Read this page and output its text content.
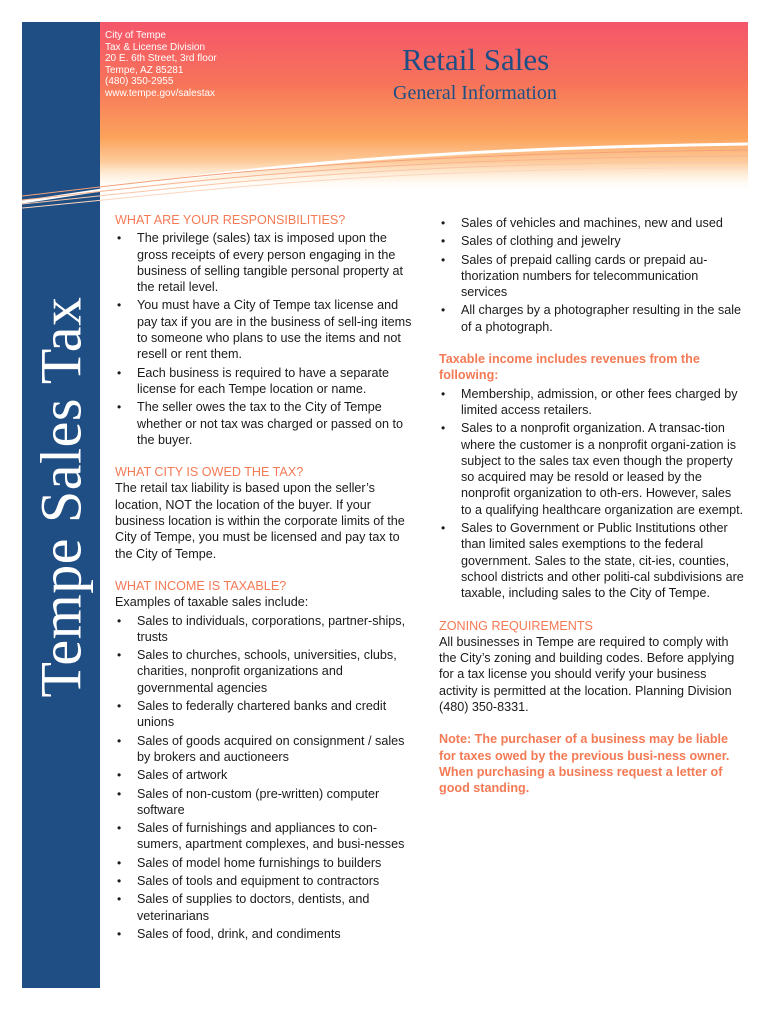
Tempe Sales Tax
City of Tempe
Tax & License Division
20 E. 6th Street, 3rd floor
Tempe, AZ 85281
(480) 350-2955
www.tempe.gov/salestax
Retail Sales
General Information
WHAT ARE YOUR RESPONSIBILITIES?
• The privilege (sales) tax is imposed upon the gross receipts of every person engaging in the business of selling tangible personal property at the retail level.
• You must have a City of Tempe tax license and pay tax if you are in the business of sell-ing items to someone who plans to use the items and not resell or rent them.
• Each business is required to have a separate license for each Tempe location or name.
• The seller owes the tax to the City of Tempe whether or not tax was charged or passed on to the buyer.
WHAT CITY IS OWED THE TAX?
The retail tax liability is based upon the seller’s location, NOT the location of the buyer. If your business location is within the corporate limits of the City of Tempe, you must be licensed and pay tax to the City of Tempe.
WHAT INCOME IS TAXABLE?
Examples of taxable sales include:
• Sales to individuals, corporations, partner-ships, trusts
• Sales to churches, schools, universities, clubs, charities, nonprofit organizations and governmental agencies
• Sales to federally chartered banks and credit unions
• Sales of goods acquired on consignment / sales by brokers and auctioneers
• Sales of artwork
• Sales of non-custom (pre-written) computer software
• Sales of furnishings and appliances to con-sumers, apartment complexes, and busi-nesses
• Sales of model home furnishings to builders
• Sales of tools and equipment to contractors
• Sales of supplies to doctors, dentists, and veterinarians
• Sales of food, drink, and condiments
• Sales of vehicles and machines, new and used
• Sales of clothing and jewelry
• Sales of prepaid calling cards or prepaid au-thorization numbers for telecommunication services
• All charges by a photographer resulting in the sale of a photograph.
Taxable income includes revenues from the following:
• Membership, admission, or other fees charged by limited access retailers.
• Sales to a nonprofit organization. A transac-tion where the customer is a nonprofit organi-zation is subject to the sales tax even though the property so acquired may be resold or leased by the nonprofit organization to oth-ers. However, sales to a qualifying healthcare organization are exempt.
• Sales to Government or Public Institutions other than limited sales exemptions to the federal government. Sales to the state, cit-ies, counties, school districts and other politi-cal subdivisions are taxable, including sales to the City of Tempe.
ZONING REQUIREMENTS
All businesses in Tempe are required to comply with the City’s zoning and building codes. Before applying for a tax license you should verify your business activity is permitted at the location. Planning Division (480) 350-8331.
Note: The purchaser of a business may be liable for taxes owed by the previous busi-ness owner. When purchasing a business request a letter of good standing.
